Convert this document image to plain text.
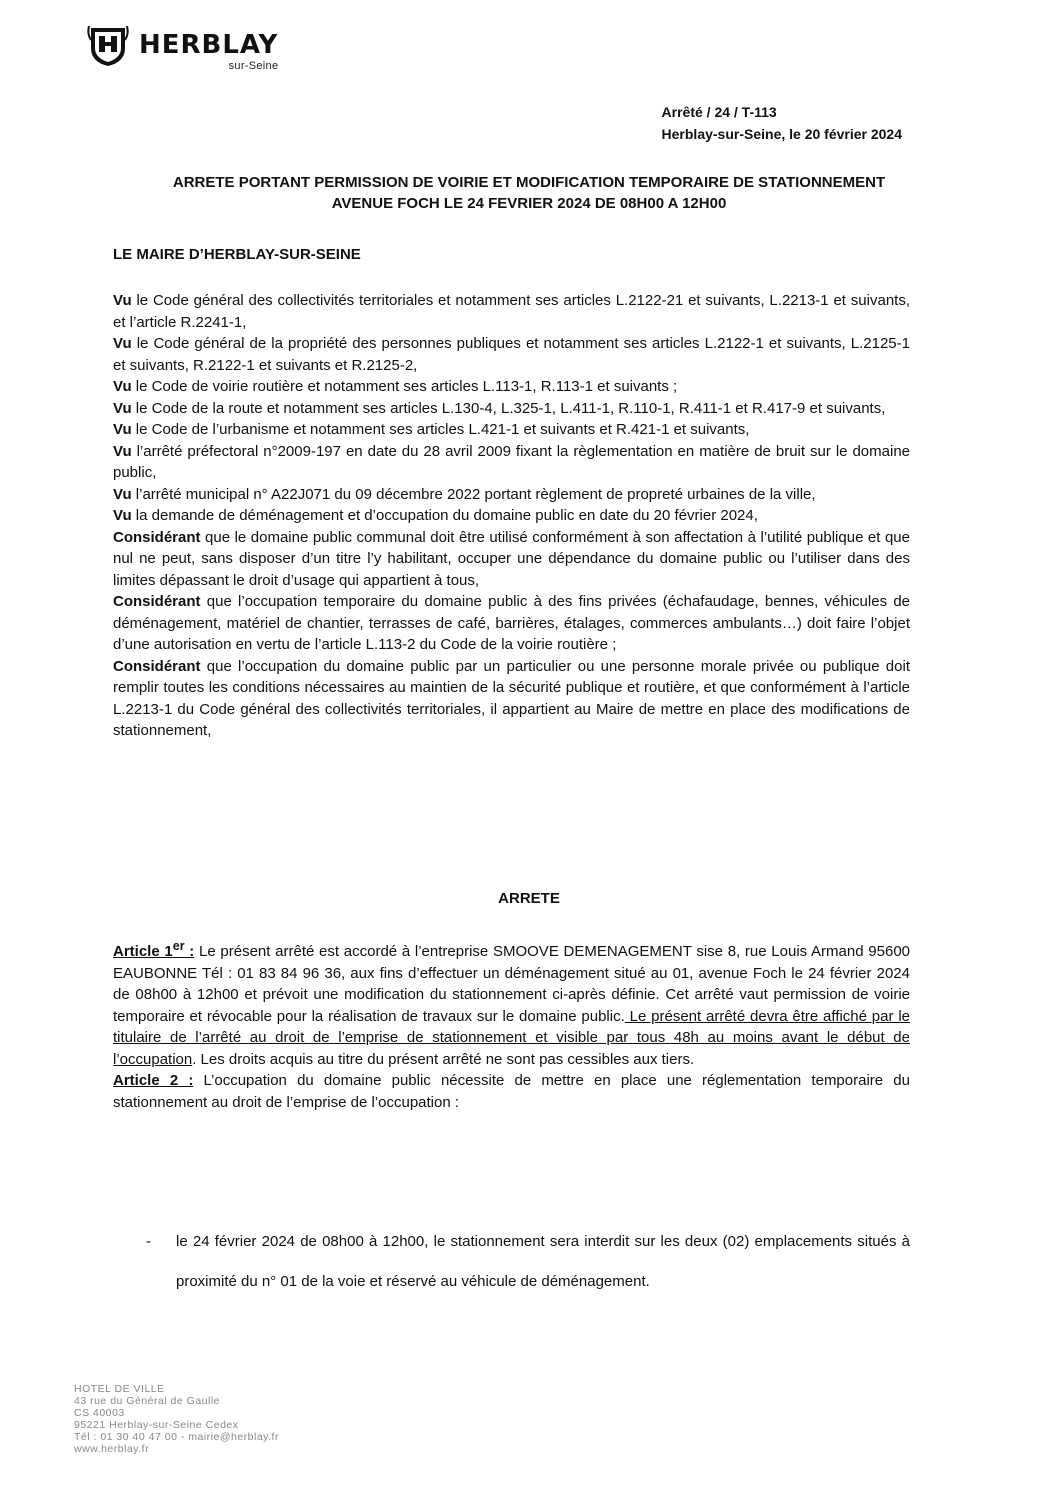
HERBLAY
sur-Seine
Arrêté / 24 / T-113
Herblay-sur-Seine, le 20 février 2024
ARRETE PORTANT PERMISSION DE VOIRIE ET MODIFICATION TEMPORAIRE DE STATIONNEMENT
AVENUE FOCH LE 24 FEVRIER 2024 DE 08H00 A 12H00
LE MAIRE D’HERBLAY-SUR-SEINE

Vu le Code général des collectivités territoriales et notamment ses articles L.2122-21 et suivants, L.2213-1 et suivants, et l’article R.2241-1,

Vu le Code général de la propriété des personnes publiques et notamment ses articles L.2122-1 et suivants, L.2125-1 et suivants, R.2122-1 et suivants et R.2125-2,

Vu le Code de voirie routière et notamment ses articles L.113-1, R.113-1 et suivants ;

Vu le Code de la route et notamment ses articles L.130-4, L.325-1, L.411-1, R.110-1, R.411-1 et R.417-9 et suivants,

Vu le Code de l’urbanisme et notamment ses articles L.421-1 et suivants et R.421-1 et suivants,

Vu l’arrêté préfectoral n°2009-197 en date du 28 avril 2009 fixant la règlementation en matière de bruit sur le domaine public,

Vu l’arrêté municipal n° A22J071 du 09 décembre 2022 portant règlement de propreté urbaines de la ville,

Vu la demande de déménagement et d’occupation du domaine public en date du 20 février 2024,

Considérant que le domaine public communal doit être utilisé conformément à son affectation à l’utilité publique et que nul ne peut, sans disposer d’un titre l’y habilitant, occuper une dépendance du domaine public ou l’utiliser dans des limites dépassant le droit d’usage qui appartient à tous,

Considérant que l’occupation temporaire du domaine public à des fins privées (échafaudage, bennes, véhicules de déménagement, matériel de chantier, terrasses de café, barrières, étalages, commerces ambulants…) doit faire l’objet d’une autorisation en vertu de l’article L.113-2 du Code de la voirie routière ;

Considérant que l’occupation du domaine public par un particulier ou une personne morale privée ou publique doit remplir toutes les conditions nécessaires au maintien de la sécurité publique et routière, et que conformément à l’article L.2213-1 du Code général des collectivités territoriales, il appartient au Maire de mettre en place des modifications de stationnement,

ARRETE

Article 1er : Le présent arrêté est accordé à l’entreprise SMOOVE DEMENAGEMENT sise 8, rue Louis Armand 95600 EAUBONNE Tél : 01 83 84 96 36, aux fins d’effectuer un déménagement situé au 01, avenue Foch le 24 février 2024 de 08h00 à 12h00 et prévoit une modification du stationnement ci-après définie. Cet arrêté vaut permission de voirie temporaire et révocable pour la réalisation de travaux sur le domaine public. Le présent arrêté devra être affiché par le titulaire de l’arrêté au droit de l’emprise de stationnement et visible par tous 48h au moins avant le début de l’occupation. Les droits acquis au titre du présent arrêté ne sont pas cessibles aux tiers.

Article 2 : L’occupation du domaine public nécessite de mettre en place une réglementation temporaire du stationnement au droit de l’emprise de l’occupation :

-	le 24 février 2024 de 08h00 à 12h00, le stationnement sera interdit sur les deux (02) emplacements situés à proximité du n° 01 de la voie et réservé au véhicule de déménagement.
HOTEL DE VILLE
43 rue du Général de Gaulle
CS 40003
95221 Herblay-sur-Seine Cedex
Tél : 01 30 40 47 00 - mairie@herblay.fr
www.herblay.fr
